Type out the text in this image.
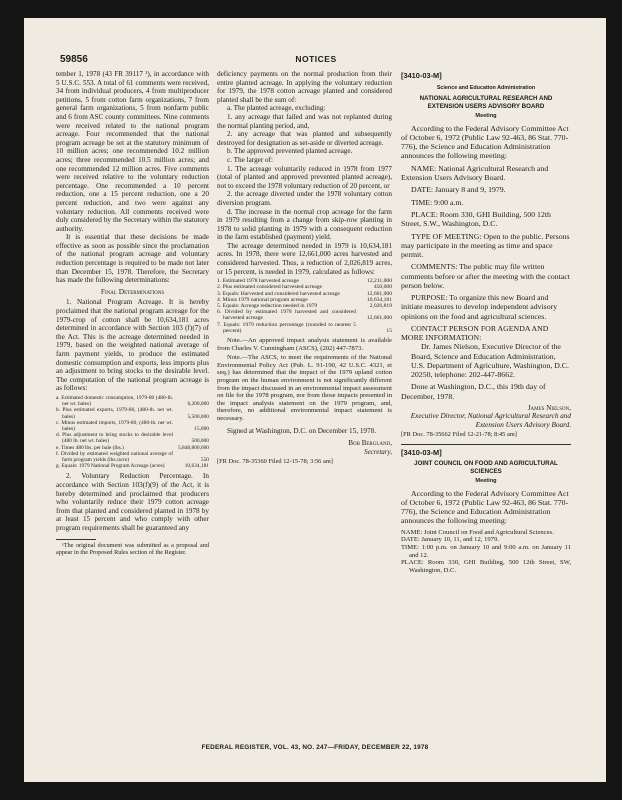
59856	NOTICES

tember 1, 1978 (43 FR 39117 ¹), in accordance with 5 U.S.C. 553. A total of 61 comments were received, 34 from individual producers, 4 from multiproducer petitions, 5 from cotton farm organizations, 7 from general farm organizations, 5 from nonfarm public and 6 from ASC county committees. Nine comments were received related to the national program acreage. Four recommended that the national program acreage be set at the statutory minimum of 10 million acres; one recommended 10.2 million acres; three recommended 10.5 million acres; and one recommended 12 million acres. Five comments were received relative to the voluntary reduction percentage. One recommended a 10 percent reduction, one a 15 percent reduction, one a 20 percent reduction, and two were against any voluntary reduction. All comments received were duly considered by the Secretary within the statutory authority.

It is essential that these decisions be made effective as soon as possible since the proclamation of the national program acreage and voluntary reduction percentage is required to be made not later than December 15, 1978. Therefore, the Secretary has made the following determinations:

Final Determinations

1. National Program Acreage. It is hereby proclaimed that the national program acreage for the 1979-crop of cotton shall be 10,634,181 acres determined in accordance with Section 103 (f)(7) of the Act. This is the acreage determined needed in 1979, based on the weighted national average of farm payment yields, to produce the estimated domestic consumption and exports, less imports plus an adjustment to bring stocks to the desirable level. The computation of the national program acreage is as follows:

a. Estimated domestic consumption, 1979-80 (480-lb. net wt. bales)	6,200,000
b. Plus estimated exports, 1979-80, (480-lb. net wt. bales)	5,500,000
c. Minus estimated imports, 1979-80, (480-lb. net wt. bales)	15,000
d. Plus adjustment to bring stocks to desirable level (480 lb. net wt. bales)	500,000
e. Times 480 lbs. per bale (lbs.)	5,848,800,000
f. Divided by estimated weighted national average of farm program yields (lbs./acre)	550
g. Equals: 1979 National Program Acreage (acres)	10,634,181

2. Voluntary Reduction Percentage. In accordance with Section 103(f)(9) of the Act, it is hereby determined and proclaimed that producers who voluntarily reduce their 1979 cotton acreage from that planted and considered planted in 1978 by at least 15 percent and who comply with other program requirements shall be guaranteed any

¹The original document was submitted as a proposal and appear in the Proposed Rules section of the Register.

deficiency payments on the normal production from their entire planted acreage. In applying the voluntary reduction for 1979, the 1978 cotton acreage planted and considered planted shall be the sum of:

a. The planted acreage, excluding:

1. any acreage that failed and was not replanted during the normal planting period, and,

2. any acreage that was planted and subsequently destroyed for designation as set-aside or diverted acreage.

b. The approved prevented planted acreage.

c. The larger of:

1. The acreage voluntarily reduced in 1978 from 1977 (total of planted and approved prevented planted acreage), not to exceed the 1978 voluntary reduction of 20 percent, or

2. the acreage diverted under the 1978 voluntary cotton diversion program.

d. The increase in the normal crop acreage for the farm in 1979 resulting from a change from skip-row planting in 1978 to solid planting in 1979 with a consequent reduction in the farm established (payment) yield.

The acreage determined needed in 1979 is 10,634,181 acres. In 1978, there were 12,661,000 acres harvested and considered harvested. Thus, a reduction of 2,026,819 acres, or 15 percent, is needed in 1979, calculated as follows:

1. Estimated 1978 harvested acreage	12,211,000
2. Plus estimated considered harvested acreage	450,000
3. Equals: Harvested and considered harvested acreage	12,661,000
4. Minus 1979 national program acreage	10,634,181
5. Equals: Acreage reduction needed in 1979	2,026,819
6. Divided by estimated 1978 harvested and considered harvested acreage	12,661,000
7. Equals: 1979 reduction percentage (rounded to nearest 5 percent)	15
Note.—An approved impact analysis statement is available from Charles V. Cunningham (ASCS), (202) 447-7873.
Note.—The ASCS, to meet the requirements of the National Environmental Policy Act (Pub. L. 91-190, 42 U.S.C. 4321, et seq.) has determined that the impact of the 1979 upland cotton program on the human environment is not significantly different from the impact discussed in an environmental impact assessment on file for the 1978 program, nor from those impacts presented in the impact analysis statement on the 1979 program, and, therefore, no additional environmental impact statement is necessary.

Signed at Washington, D.C. on December 15, 1978.

Bob Bergland,
Secretary,
[FR Doc. 78-35360 Filed 12-15-78; 3:56 am]
[3410-03-M]
Science and Education Administration
NATIONAL AGRICULTURAL RESEARCH AND EXTENSION USERS ADVISORY BOARD
Meeting

According to the Federal Advisory Committee Act of October 6, 1972 (Public Law 92-463, 86 Stat. 770-776), the Science and Education Administration announces the following meeting:

NAME: National Agricultural Research and Extension Users Advisory Board.

DATE: January 8 and 9, 1979.

TIME: 9:00 a.m.

PLACE: Room 330, GHI Building, 500 12th Street, S.W., Washington, D.C.

TYPE OF MEETING: Open to the public. Persons may participate in the meeting as time and space permit.

COMMENTS: The public may file written comments before or after the meeting with the contact person below.

PURPOSE: To organize this new Board and initiate measures to develop independent advisory opinions on the food and agricultural sciences.

CONTACT PERSON FOR AGENDA AND MORE INFORMATION:

Dr. James Nielson, Executive Director of the Board, Science and Education Administration, U.S. Department of Agriculture, Washington, D.C. 20250, telephone: 202-447-8662.

Done at Washington, D.C., this 19th day of December, 1978.

James Nielson,
Executive Director, National Agricultural Research and Extension Users Advisory Board.
[FR Doc. 78-35662 Filed 12-21-78; 8:45 am]
[3410-03-M]
JOINT COUNCIL ON FOOD AND AGRICULTURAL SCIENCES
Meeting

According to the Federal Advisory Committee Act of October 6, 1972 (Public Law 92-463, 86 Stat. 770-776), the Science and Education Administration announces the following meeting:

NAME: Joint Council on Food and Agricultural Sciences.
DATE: January 10, 11, and 12, 1979.
TIME: 1:00 p.m. on January 10 and 9:00 a.m. on January 11 and 12.
PLACE: Room 330, GHI Building, 500 12th Street, SW, Washington, D.C.
FEDERAL REGISTER, VOL. 43, NO. 247—FRIDAY, DECEMBER 22, 1978
